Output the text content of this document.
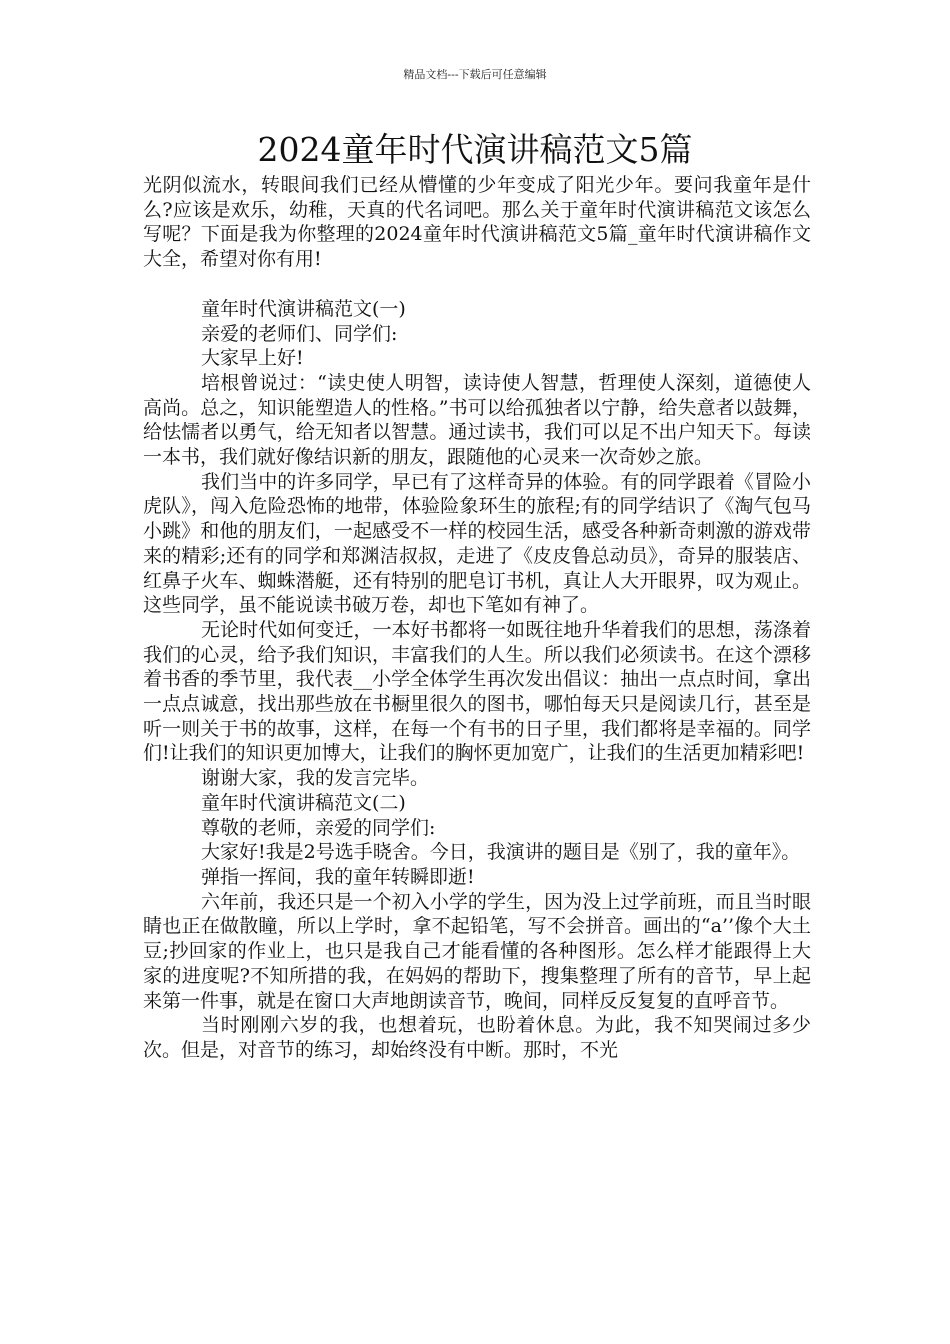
精品文档---下载后可任意编辑
2024童年时代演讲稿范文5篇

光阴似流水，转眼间我们已经从懵懂的少年变成了阳光少年。要问我童年是什么?应该是欢乐，幼稚，天真的代名词吧。那么关于童年时代演讲稿范文该怎么写呢？下面是我为你整理的2024童年时代演讲稿范文5篇_童年时代演讲稿作文大全，希望对你有用!

童年时代演讲稿范文(一)

亲爱的老师们、同学们:

大家早上好!

培根曾说过：“读史使人明智，读诗使人智慧，哲理使人深刻，道德使人高尚。总之，知识能塑造人的性格。”书可以给孤独者以宁静，给失意者以鼓舞，给怯懦者以勇气，给无知者以智慧。通过读书，我们可以足不出户知天下。每读一本书，我们就好像结识新的朋友，跟随他的心灵来一次奇妙之旅。

我们当中的许多同学，早已有了这样奇异的体验。有的同学跟着《冒险小虎队》，闯入危险恐怖的地带，体验险象环生的旅程;有的同学结识了《淘气包马小跳》和他的朋友们，一起感受不一样的校园生活，感受各种新奇刺激的游戏带来的精彩;还有的同学和郑渊洁叔叔，走进了《皮皮鲁总动员》，奇异的服装店、红鼻子火车、蜘蛛潜艇，还有特别的肥皂订书机，真让人大开眼界，叹为观止。这些同学，虽不能说读书破万卷，却也下笔如有神了。

无论时代如何变迁，一本好书都将一如既往地升华着我们的思想，荡涤着我们的心灵，给予我们知识，丰富我们的人生。所以我们必须读书。在这个漂移着书香的季节里，我代表__小学全体学生再次发出倡议：抽出一点点时间，拿出一点点诚意，找出那些放在书橱里很久的图书，哪怕每天只是阅读几行，甚至是听一则关于书的故事，这样，在每一个有书的日子里，我们都将是幸福的。同学们!让我们的知识更加博大，让我们的胸怀更加宽广，让我们的生活更加精彩吧!

谢谢大家，我的发言完毕。

童年时代演讲稿范文(二)

尊敬的老师，亲爱的同学们:

大家好!我是2号选手晓舍。今日，我演讲的题目是《别了，我的童年》。

弹指一挥间，我的童年转瞬即逝!

六年前，我还只是一个初入小学的学生，因为没上过学前班，而且当时眼睛也正在做散瞳，所以上学时，拿不起铅笔，写不会拼音。画出的“a’’像个大土豆;抄回家的作业上，也只是我自己才能看懂的各种图形。怎么样才能跟得上大家的进度呢?不知所措的我，在妈妈的帮助下，搜集整理了所有的音节，早上起来第一件事，就是在窗口大声地朗读音节，晚间，同样反反复复的直呼音节。

当时刚刚六岁的我，也想着玩，也盼着休息。为此，我不知哭闹过多少次。但是，对音节的练习，却始终没有中断。那时，不光
